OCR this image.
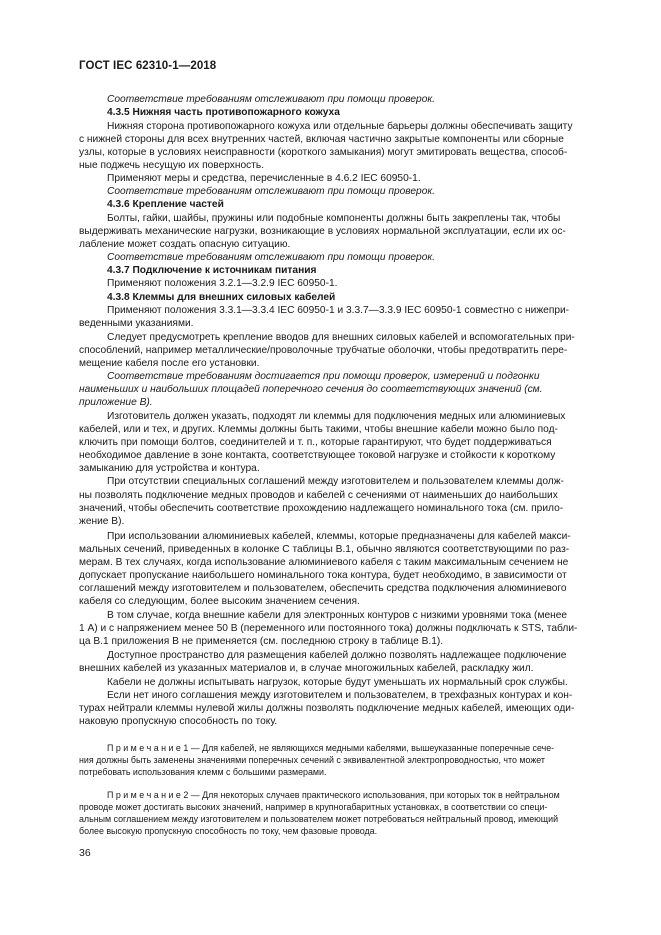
ГОСТ IEC 62310-1—2018
Соответствие требованиям отслеживают при помощи проверок.
4.3.5 Нижняя часть противопожарного кожуха
Нижняя сторона противопожарного кожуха или отдельные барьеры должны обеспечивать защиту
с нижней стороны для всех внутренних частей, включая частично закрытые компоненты или сборные
узлы, которые в условиях неисправности (короткого замыкания) могут эмитировать вещества, способ-
ные поджечь несущую их поверхность.
Применяют меры и средства, перечисленные в 4.6.2 IEC 60950-1.
Соответствие требованиям отслеживают при помощи проверок.
4.3.6 Крепление частей
Болты, гайки, шайбы, пружины или подобные компоненты должны быть закреплены так, чтобы
выдерживать механические нагрузки, возникающие в условиях нормальной эксплуатации, если их ос-
лабление может создать опасную ситуацию.
Соответствие требованиям отслеживают при помощи проверок.
4.3.7 Подключение к источникам питания
Применяют положения 3.2.1—3.2.9 IEC 60950-1.
4.3.8 Клеммы для внешних силовых кабелей
Применяют положения 3.3.1—3.3.4 IEC 60950-1 и 3.3.7—3.3.9 IEC 60950-1 совместно с нижепри-
веденными указаниями.
Следует предусмотреть крепление вводов для внешних силовых кабелей и вспомогательных при-
способлений, например металлические/проволочные трубчатые оболочки, чтобы предотвратить пере-
мещение кабеля после его установки.
Соответствие требованиям достигается при помощи проверок, измерений и подгонки
наименьших и наибольших площадей поперечного сечения до соответствующих значений (см.
приложение В).
Изготовитель должен указать, подходят ли клеммы для подключения медных или алюминиевых
кабелей, или и тех, и других. Клеммы должны быть такими, чтобы внешние кабели можно было под-
ключить при помощи болтов, соединителей и т. п., которые гарантируют, что будет поддерживаться
необходимое давление в зоне контакта, соответствующее токовой нагрузке и стойкости к короткому
замыканию для устройства и контура.
При отсутствии специальных соглашений между изготовителем и пользователем клеммы долж-
ны позволять подключение медных проводов и кабелей с сечениями от наименьших до наибольших
значений, чтобы обеспечить соответствие прохождению надлежащего номинального тока (см. прило-
жение В).
При использовании алюминиевых кабелей, клеммы, которые предназначены для кабелей макси-
мальных сечений, приведенных в колонке С таблицы В.1, обычно являются соответствующими по раз-
мерам. В тех случаях, когда использование алюминиевого кабеля с таким максимальным сечением не
допускает пропускание наибольшего номинального тока контура, будет необходимо, в зависимости от
соглашений между изготовителем и пользователем, обеспечить средства подключения алюминиевого
кабеля со следующим, более высоким значением сечения.
В том случае, когда внешние кабели для электронных контуров с низкими уровнями тока (менее
1 А) и с напряжением менее 50 В (переменного или постоянного тока) должны подключать к STS, табли-
ца В.1 приложения В не применяется (см. последнюю строку в таблице В.1).
Доступное пространство для размещения кабелей должно позволять надлежащее подключение
внешних кабелей из указанных материалов и, в случае многожильных кабелей, раскладку жил.
Кабели не должны испытывать нагрузок, которые будут уменьшать их нормальный срок службы.
Если нет иного соглашения между изготовителем и пользователем, в трехфазных контурах и кон-
турах нейтрали клеммы нулевой жилы должны позволять подключение медных кабелей, имеющих оди-
наковую пропускную способность по току.
П р и м е ч а н и е 1 — Для кабелей, не являющихся медными кабелями, вышеуказанные поперечные сече-
ния должны быть заменены значениями поперечных сечений с эквивалентной электропроводностью, что может
потребовать использования клемм с большими размерами.
П р и м е ч а н и е 2 — Для некоторых случаев практического использования, при которых ток в нейтральном
проводе может достигать высоких значений, например в крупногабаритных установках, в соответствии со специ-
альным соглашением между изготовителем и пользователем может потребоваться нейтральный провод, имеющий
более высокую пропускную способность по току, чем фазовые провода.
36
